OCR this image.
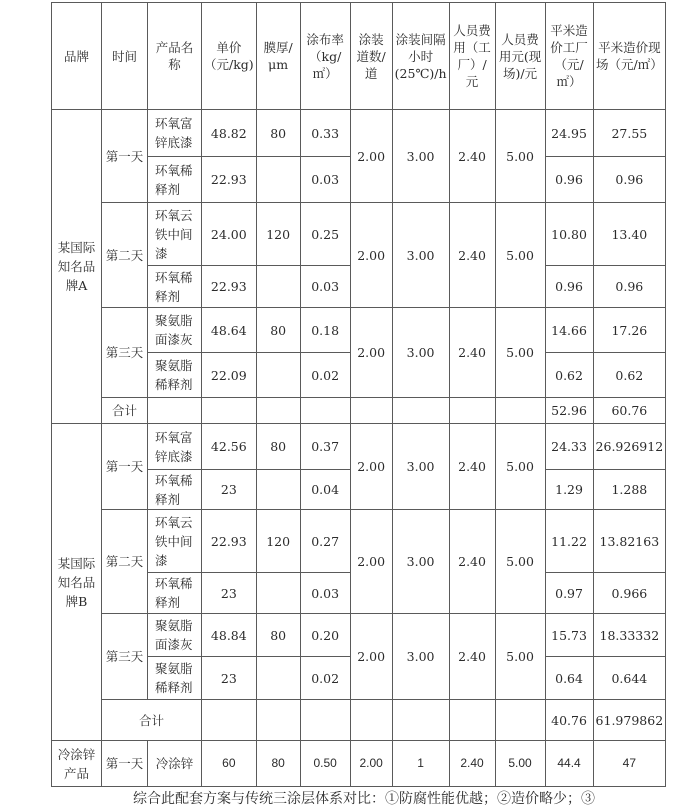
品牌	时间	产品名称	单价（元/kg)	膜厚/μm	涂布率（kg/㎡）	涂装道数/道	涂装间隔小时(25℃)/h	人员费用（工厂）/元	人员费用元(现场)/元	平米造价工厂（元/㎡）	平米造价现场（元/㎡）
某国际知名品牌A	第一天	环氧富锌底漆	48.82	80	0.33	2.00	3.00	2.40	5.00	24.95	27.55
		环氧稀释剂	22.93		0.03					0.96	0.96
	第二天	环氧云铁中间漆	24.00	120	0.25	2.00	3.00	2.40	5.00	10.80	13.40
		环氧稀释剂	22.93		0.03					0.96	0.96
	第三天	聚氨脂面漆灰	48.64	80	0.18	2.00	3.00	2.40	5.00	14.66	17.26
		聚氨脂稀释剂	22.09		0.02					0.62	0.62
	合计									52.96	60.76
某国际知名品牌B	第一天	环氧富锌底漆	42.56	80	0.37	2.00	3.00	2.40	5.00	24.33	26.926912
		环氧稀释剂	23		0.04					1.29	1.288
	第二天	环氧云铁中间漆	22.93	120	0.27	2.00	3.00	2.40	5.00	11.22	13.82163
		环氧稀释剂	23		0.03					0.97	0.966
	第三天	聚氨脂面漆灰	48.84	80	0.20	2.00	3.00	2.40	5.00	15.73	18.33332
		聚氨脂稀释剂	23		0.02					0.64	0.644
	合计									40.76	61.979862
冷涂锌产品	第一天	冷涂锌	60	80	0.50	2.00	1	2.40	5.00	44.4	47
综合此配套方案与传统三涂层体系对比：①防腐性能优越；②造价略少；③
